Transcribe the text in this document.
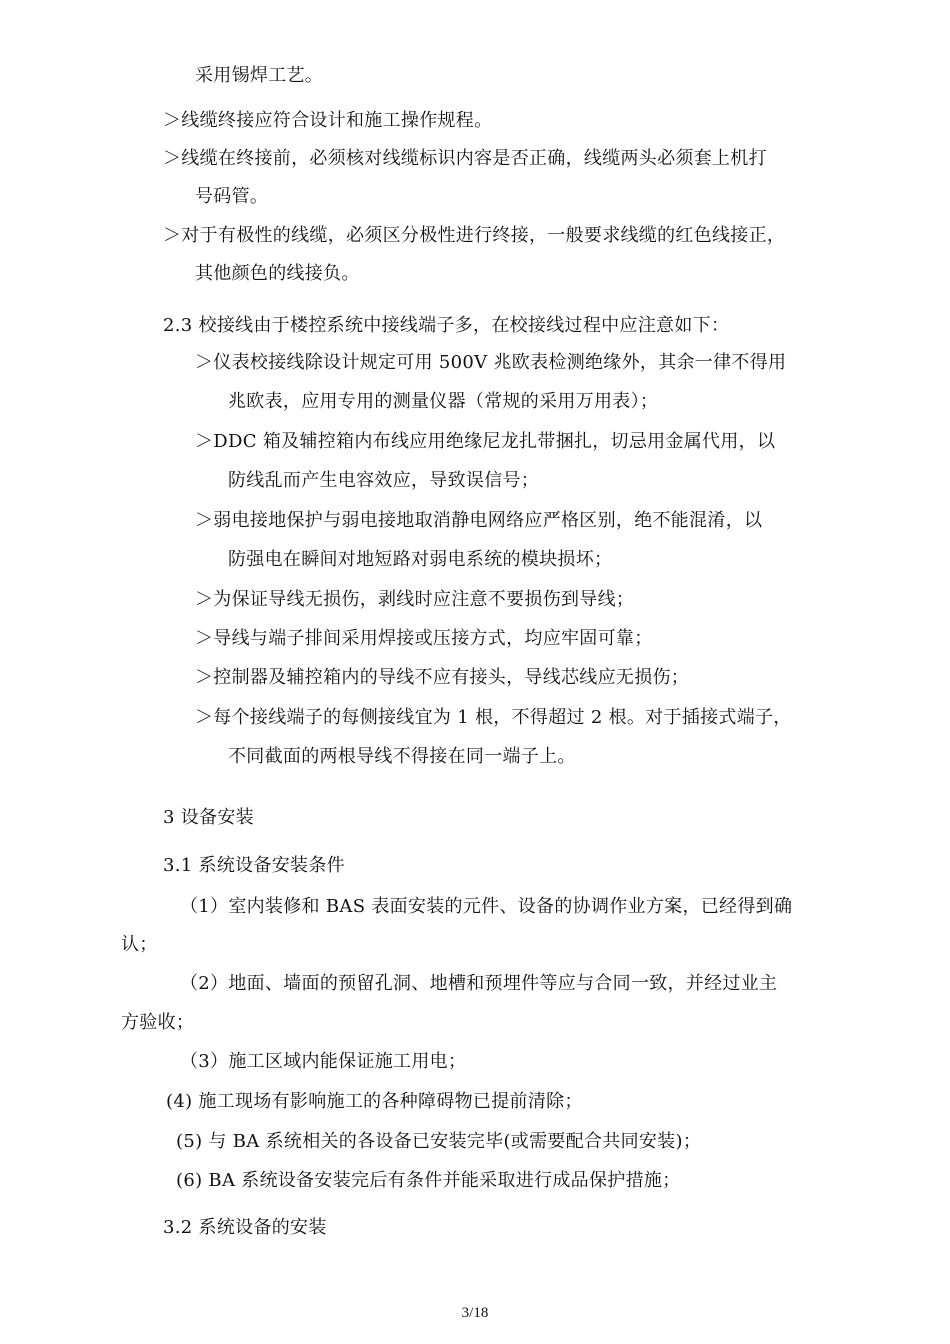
采用锡焊工艺。
＞线缆终接应符合设计和施工操作规程。
＞线缆在终接前，必须核对线缆标识内容是否正确，线缆两头必须套上机打
号码管。
＞对于有极性的线缆，必须区分极性进行终接，一般要求线缆的红色线接正，
其他颜色的线接负。
2.3 校接线由于楼控系统中接线端子多，在校接线过程中应注意如下：
＞仪表校接线除设计规定可用 500V 兆欧表检测绝缘外，其余一律不得用
兆欧表，应用专用的测量仪器（常规的采用万用表）；
＞DDC 箱及辅控箱内布线应用绝缘尼龙扎带捆扎，切忌用金属代用，以
防线乱而产生电容效应，导致误信号；
＞弱电接地保护与弱电接地取消静电网络应严格区别，绝不能混淆，以
防强电在瞬间对地短路对弱电系统的模块损坏；
＞为保证导线无损伤，剥线时应注意不要损伤到导线；
＞导线与端子排间采用焊接或压接方式，均应牢固可靠；
＞控制器及辅控箱内的导线不应有接头，导线芯线应无损伤；
＞每个接线端子的每侧接线宜为 1 根，不得超过 2 根。对于插接式端子，
不同截面的两根导线不得接在同一端子上。
3 设备安装
3.1 系统设备安装条件
（1）室内装修和 BAS 表面安装的元件、设备的协调作业方案，已经得到确
认；
（2）地面、墙面的预留孔洞、地槽和预埋件等应与合同一致，并经过业主
方验收；
（3）施工区域内能保证施工用电；
(4) 施工现场有影响施工的各种障碍物已提前清除；
(5) 与 BA 系统相关的各设备已安装完毕(或需要配合共同安装)；
(6) BA 系统设备安装完后有条件并能采取进行成品保护措施；
3.2 系统设备的安装
3/18
